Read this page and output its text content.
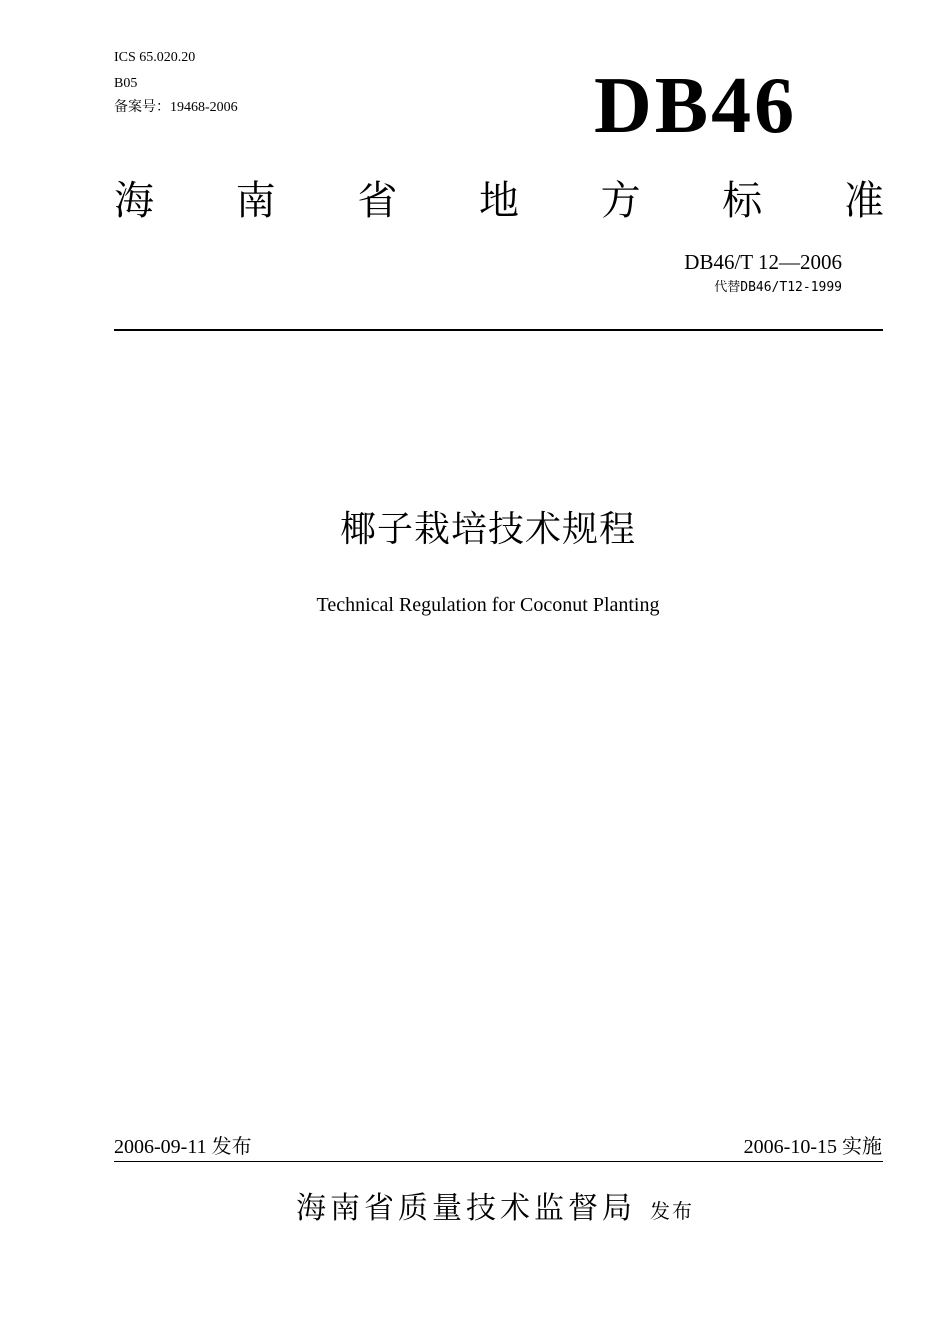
ICS 65.020.20
B05
备案号：19468-2006	DB46
海 南 省 地 方 标 准
DB46/T 12—2006
代替DB46/T12-1999
椰子栽培技术规程
Technical Regulation for Coconut Planting
2006-09-11 发布	2006-10-15 实施
海南省质量技术监督局 发布
